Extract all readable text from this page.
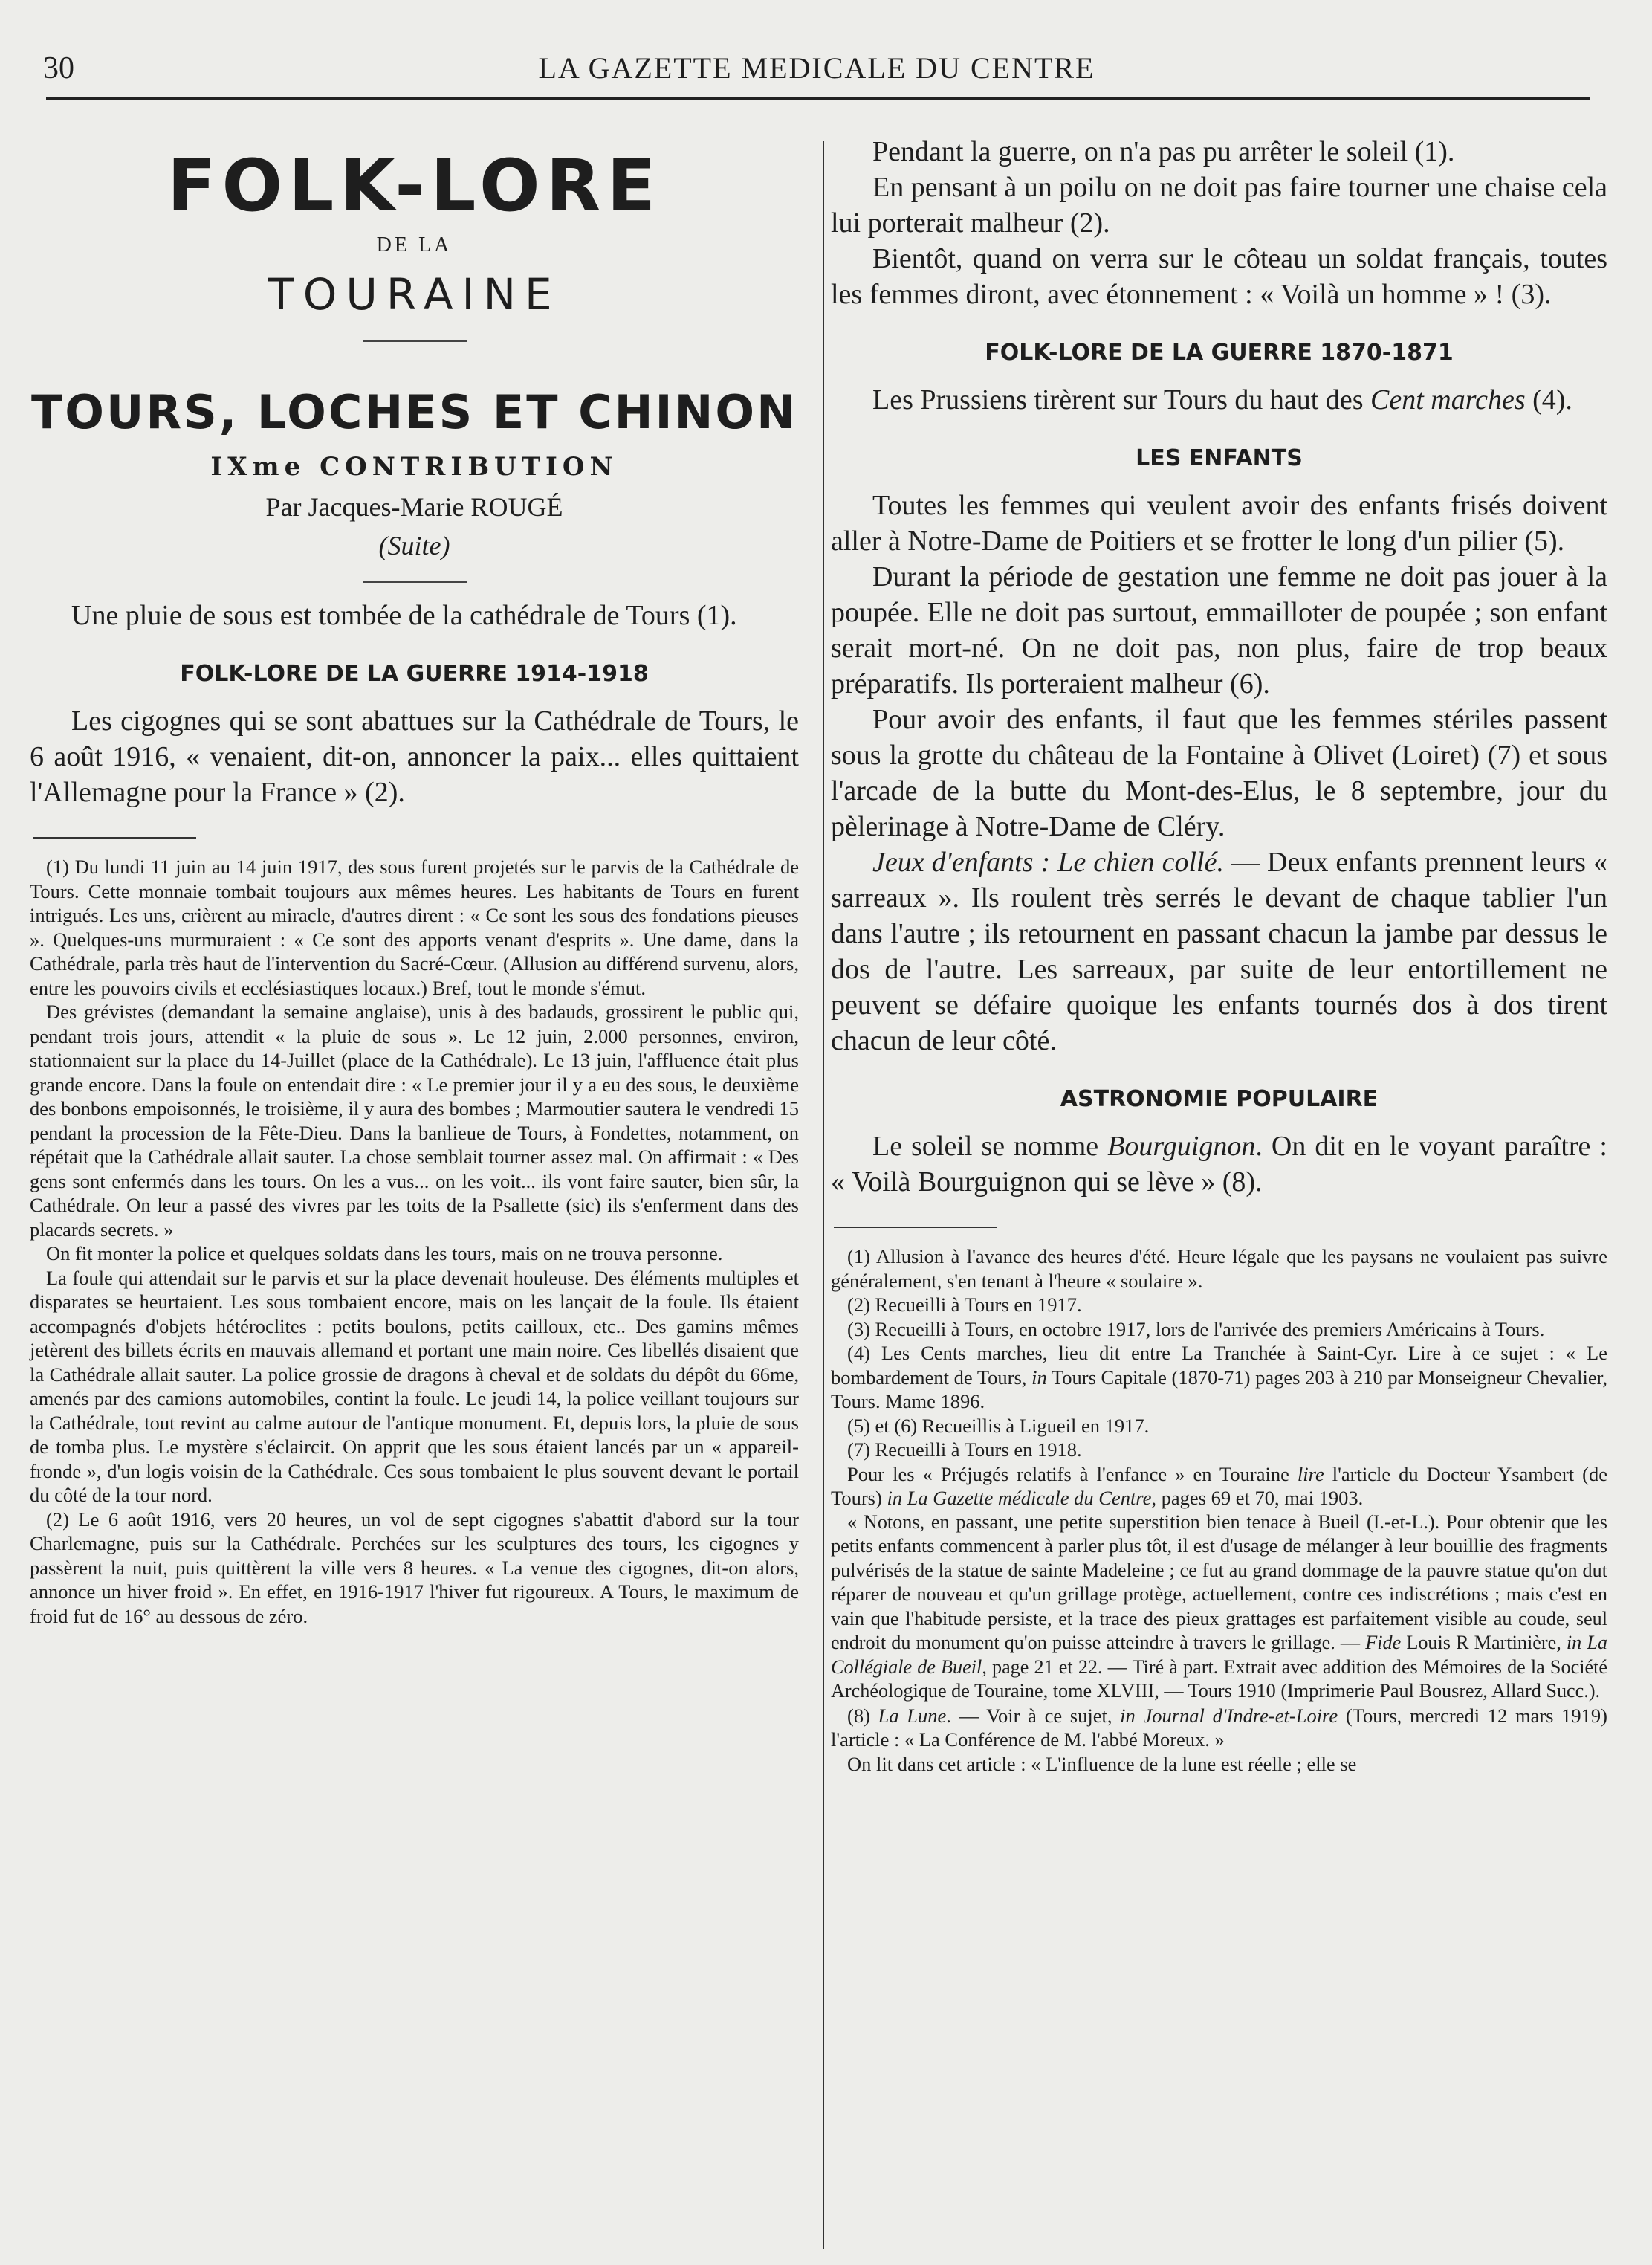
30	LA GAZETTE MEDICALE DU CENTRE
FOLK-LORE
DE LA
TOURAINE
TOURS, LOCHES ET CHINON
IXme CONTRIBUTION
Par Jacques-Marie ROUGÉ
(Suite)

Une pluie de sous est tombée de la cathédrale de Tours (1).

FOLK-LORE DE LA GUERRE 1914-1918

Les cigognes qui se sont abattues sur la Cathédrale de Tours, le 6 août 1916, « venaient, dit-on, annoncer la paix... elles quittaient l'Allemagne pour la France » (2).

(1) Du lundi 11 juin au 14 juin 1917, des sous furent projetés sur le parvis de la Cathédrale de Tours. Cette monnaie tombait toujours aux mêmes heures. Les habitants de Tours en furent intrigués. Les uns, crièrent au miracle, d'autres dirent : « Ce sont les sous des fondations pieuses ». Quelques-uns murmuraient : « Ce sont des apports venant d'esprits ». Une dame, dans la Cathédrale, parla très haut de l'intervention du Sacré-Cœur. (Allusion au différend survenu, alors, entre les pouvoirs civils et ecclésiastiques locaux.) Bref, tout le monde s'émut.

Des grévistes (demandant la semaine anglaise), unis à des badauds, grossirent le public qui, pendant trois jours, attendit « la pluie de sous ». Le 12 juin, 2.000 personnes, environ, stationnaient sur la place du 14-Juillet (place de la Cathédrale). Le 13 juin, l'affluence était plus grande encore. Dans la foule on entendait dire : « Le premier jour il y a eu des sous, le deuxième des bonbons empoisonnés, le troisième, il y aura des bombes ; Marmoutier sautera le vendredi 15 pendant la procession de la Fête-Dieu. Dans la banlieue de Tours, à Fondettes, notamment, on répétait que la Cathédrale allait sauter. La chose semblait tourner assez mal. On affirmait : « Des gens sont enfermés dans les tours. On les a vus... on les voit... ils vont faire sauter, bien sûr, la Cathédrale. On leur a passé des vivres par les toits de la Psallette (sic) ils s'enferment dans des placards secrets. »

On fit monter la police et quelques soldats dans les tours, mais on ne trouva personne.

La foule qui attendait sur le parvis et sur la place devenait houleuse. Des éléments multiples et disparates se heurtaient. Les sous tombaient encore, mais on les lançait de la foule. Ils étaient accompagnés d'objets hétéroclites : petits boulons, petits cailloux, etc.. Des gamins mêmes jetèrent des billets écrits en mauvais allemand et portant une main noire. Ces libellés disaient que la Cathédrale allait sauter. La police grossie de dragons à cheval et de soldats du dépôt du 66me, amenés par des camions automobiles, contint la foule. Le jeudi 14, la police veillant toujours sur la Cathédrale, tout revint au calme autour de l'antique monument. Et, depuis lors, la pluie de sous de tomba plus. Le mystère s'éclaircit. On apprit que les sous étaient lancés par un « appareil-fronde », d'un logis voisin de la Cathédrale. Ces sous tombaient le plus souvent devant le portail du côté de la tour nord.

(2) Le 6 août 1916, vers 20 heures, un vol de sept cigognes s'abattit d'abord sur la tour Charlemagne, puis sur la Cathédrale. Perchées sur les sculptures des tours, les cigognes y passèrent la nuit, puis quittèrent la ville vers 8 heures. « La venue des cigognes, dit-on alors, annonce un hiver froid ». En effet, en 1916-1917 l'hiver fut rigoureux. A Tours, le maximum de froid fut de 16° au dessous de zéro.

Pendant la guerre, on n'a pas pu arrêter le soleil (1).

En pensant à un poilu on ne doit pas faire tourner une chaise cela lui porterait malheur (2).

Bientôt, quand on verra sur le côteau un soldat français, toutes les femmes diront, avec étonnement : « Voilà un homme » ! (3).

FOLK-LORE DE LA GUERRE 1870-1871

Les Prussiens tirèrent sur Tours du haut des Cent marches (4).

LES ENFANTS

Toutes les femmes qui veulent avoir des enfants frisés doivent aller à Notre-Dame de Poitiers et se frotter le long d'un pilier (5).

Durant la période de gestation une femme ne doit pas jouer à la poupée. Elle ne doit pas surtout, emmailloter de poupée ; son enfant serait mort-né. On ne doit pas, non plus, faire de trop beaux préparatifs. Ils porteraient malheur (6).

Pour avoir des enfants, il faut que les femmes stériles passent sous la grotte du château de la Fontaine à Olivet (Loiret) (7) et sous l'arcade de la butte du Mont-des-Elus, le 8 septembre, jour du pèlerinage à Notre-Dame de Cléry.

Jeux d'enfants : Le chien collé. — Deux enfants prennent leurs « sarreaux ». Ils roulent très serrés le devant de chaque tablier l'un dans l'autre ; ils retournent en passant chacun la jambe par dessus le dos de l'autre. Les sarreaux, par suite de leur entortillement ne peuvent se défaire quoique les enfants tournés dos à dos tirent chacun de leur côté.

ASTRONOMIE POPULAIRE

Le soleil se nomme Bourguignon. On dit en le voyant paraître : « Voilà Bourguignon qui se lève » (8).

(1) Allusion à l'avance des heures d'été. Heure légale que les paysans ne voulaient pas suivre généralement, s'en tenant à l'heure « soulaire ».

(2) Recueilli à Tours en 1917.

(3) Recueilli à Tours, en octobre 1917, lors de l'arrivée des premiers Américains à Tours.

(4) Les Cents marches, lieu dit entre La Tranchée à Saint-Cyr. Lire à ce sujet : « Le bombardement de Tours, in Tours Capitale (1870-71) pages 203 à 210 par Monseigneur Chevalier, Tours. Mame 1896.

(5) et (6) Recueillis à Ligueil en 1917.

(7) Recueilli à Tours en 1918.

Pour les « Préjugés relatifs à l'enfance » en Touraine lire l'article du Docteur Ysambert (de Tours) in La Gazette médicale du Centre, pages 69 et 70, mai 1903.

« Notons, en passant, une petite superstition bien tenace à Bueil (I.-et-L.). Pour obtenir que les petits enfants commencent à parler plus tôt, il est d'usage de mélanger à leur bouillie des fragments pulvérisés de la statue de sainte Madeleine ; ce fut au grand dommage de la pauvre statue qu'on dut réparer de nouveau et qu'un grillage protège, actuellement, contre ces indiscrétions ; mais c'est en vain que l'habitude persiste, et la trace des pieux grattages est parfaitement visible au coude, seul endroit du monument qu'on puisse atteindre à travers le grillage. — Fide Louis R Martinière, in La Collégiale de Bueil, page 21 et 22. — Tiré à part. Extrait avec addition des Mémoires de la Société Archéologique de Touraine, tome XLVIII, — Tours 1910 (Imprimerie Paul Bousrez, Allard Succ.).

(8) La Lune. — Voir à ce sujet, in Journal d'Indre-et-Loire (Tours, mercredi 12 mars 1919) l'article : « La Conférence de M. l'abbé Moreux. »

On lit dans cet article : « L'influence de la lune est réelle ; elle se
